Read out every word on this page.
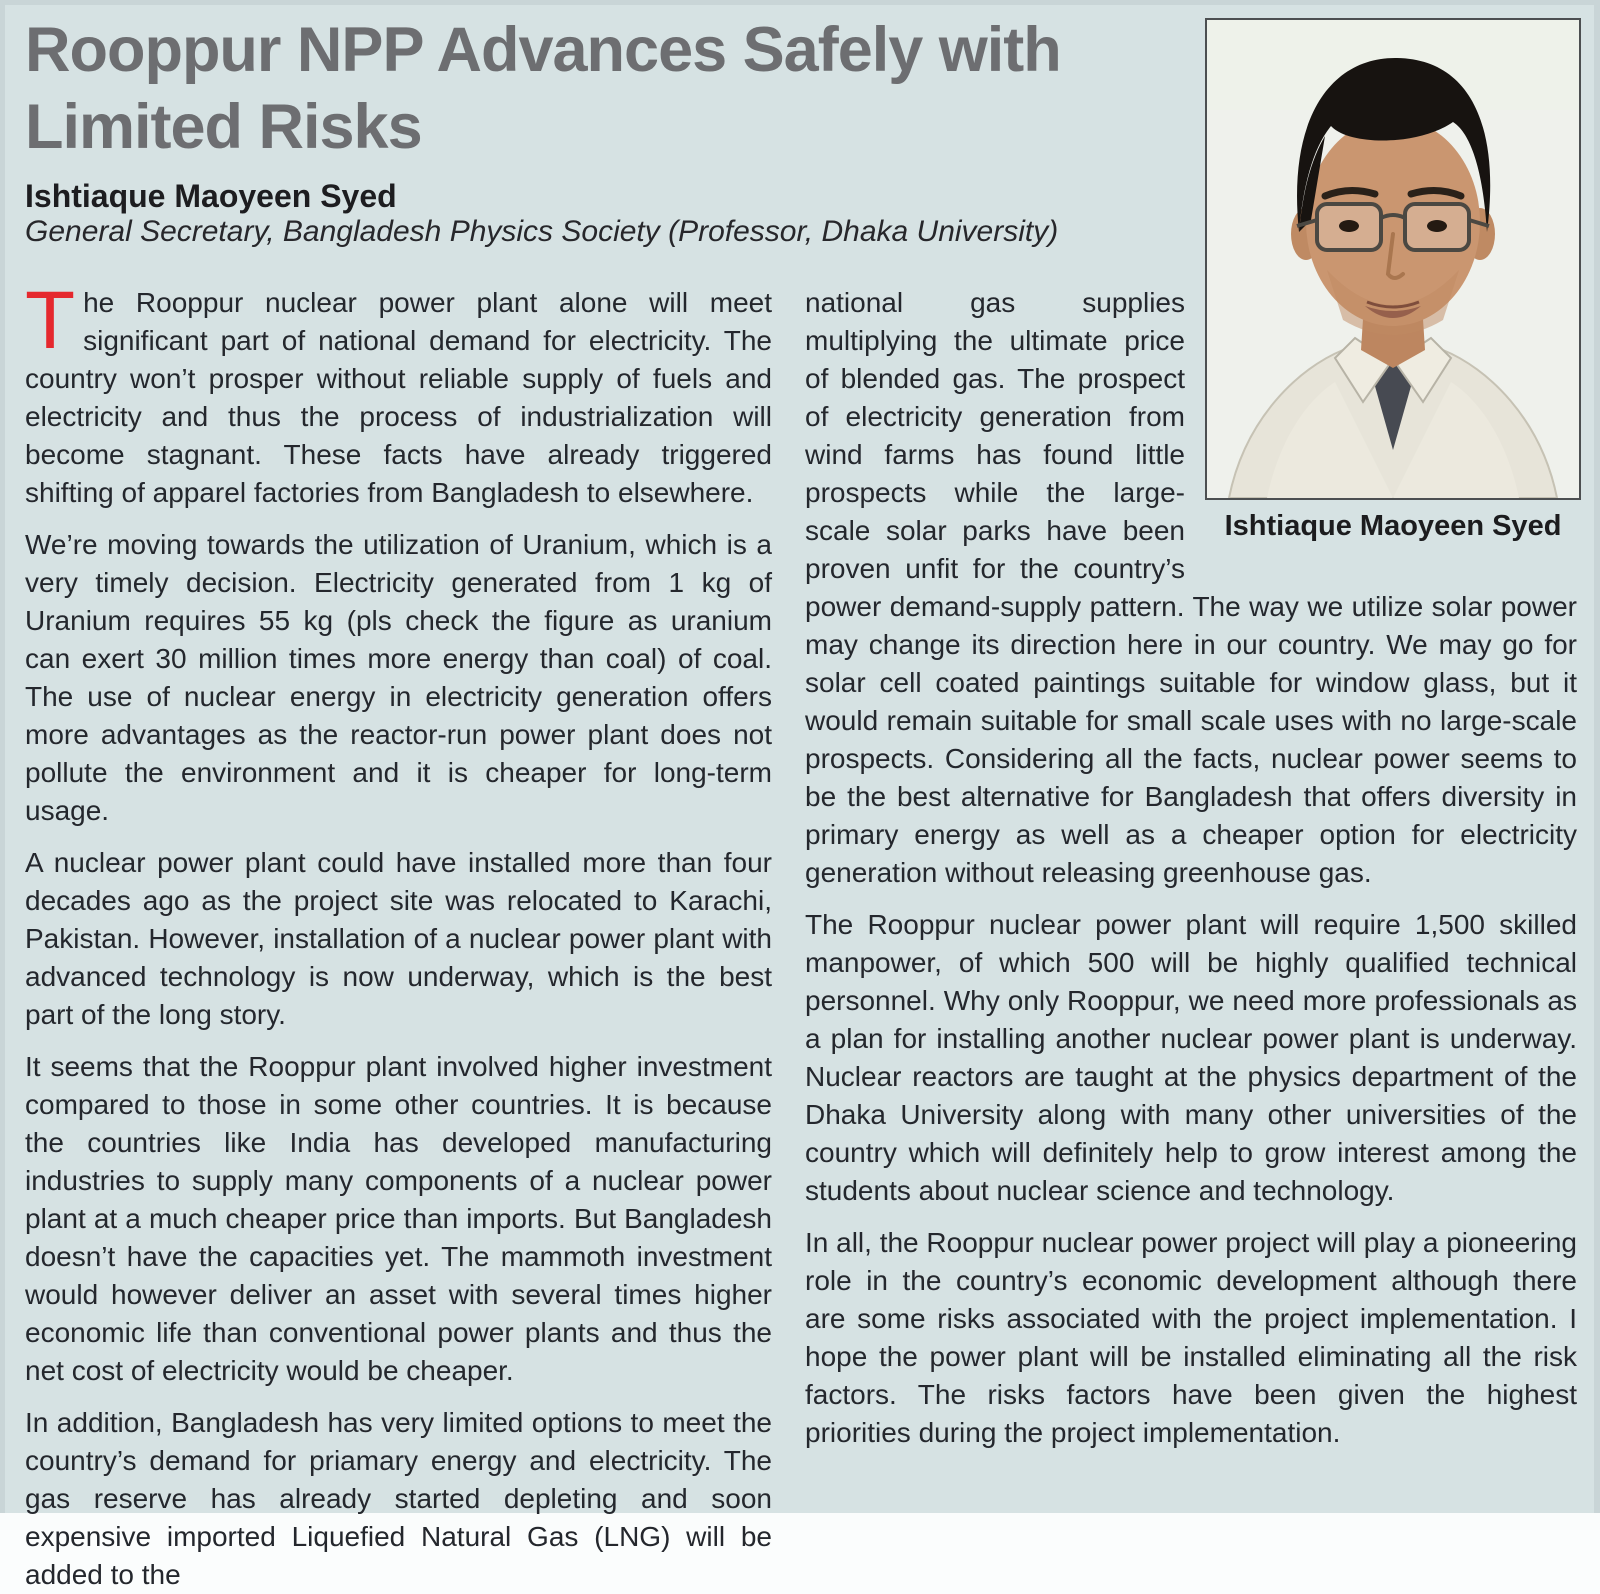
Rooppur NPP Advances Safely with
Limited Risks
Ishtiaque Maoyeen Syed
General Secretary, Bangladesh Physics Society (Professor, Dhaka University)
Ishtiaque Maoyeen Syed

The Rooppur nuclear power plant alone will meet significant part of national demand for electricity. The country won’t prosper without reliable supply of fuels and electricity and thus the process of industrialization will become stagnant. These facts have already triggered shifting of apparel factories from Bangladesh to elsewhere.

We’re moving towards the utilization of Uranium, which is a very timely decision. Electricity generated from 1 kg of Uranium requires 55 kg (pls check the figure as uranium can exert 30 million times more energy than coal) of coal. The use of nuclear energy in electricity generation offers more advantages as the reactor-run power plant does not pollute the environment and it is cheaper for long-term usage.

A nuclear power plant could have installed more than four decades ago as the project site was relocated to Karachi, Pakistan. However, installation of a nuclear power plant with advanced technology is now underway, which is the best part of the long story.

It seems that the Rooppur plant involved higher investment compared to those in some other countries. It is because the countries like India has developed manufacturing industries to supply many components of a nuclear power plant at a much cheaper price than imports. But Bangladesh doesn’t have the capacities yet. The mammoth investment would however deliver an asset with several times higher economic life than conventional power plants and thus the net cost of electricity would be cheaper.

In addition, Bangladesh has very limited options to meet the country’s demand for priamary energy and electricity. The gas reserve has already started depleting and soon expensive imported Liquefied Natural Gas (LNG) will be added to the

national gas supplies multiplying the ultimate price of blended gas. The prospect of electricity generation from wind farms has found little prospects while the large-scale solar parks have been proven unfit for the country’s power demand-supply pattern. The way we utilize solar power may change its direction here in our country. We may go for solar cell coated paintings suitable for window glass, but it would remain suitable for small scale uses with no large-scale prospects. Considering all the facts, nuclear power seems to be the best alternative for Bangladesh that offers diversity in primary energy as well as a cheaper option for electricity generation without releasing greenhouse gas.

The Rooppur nuclear power plant will require 1,500 skilled manpower, of which 500 will be highly qualified technical personnel. Why only Rooppur, we need more professionals as a plan for installing another nuclear power plant is underway. Nuclear reactors are taught at the physics department of the Dhaka University along with many other universities of the country which will definitely help to grow interest among the students about nuclear science and technology.

In all, the Rooppur nuclear power project will play a pioneering role in the country’s economic development although there are some risks associated with the project implementation. I hope the power plant will be installed eliminating all the risk factors. The risks factors have been given the highest priorities during the project implementation.
